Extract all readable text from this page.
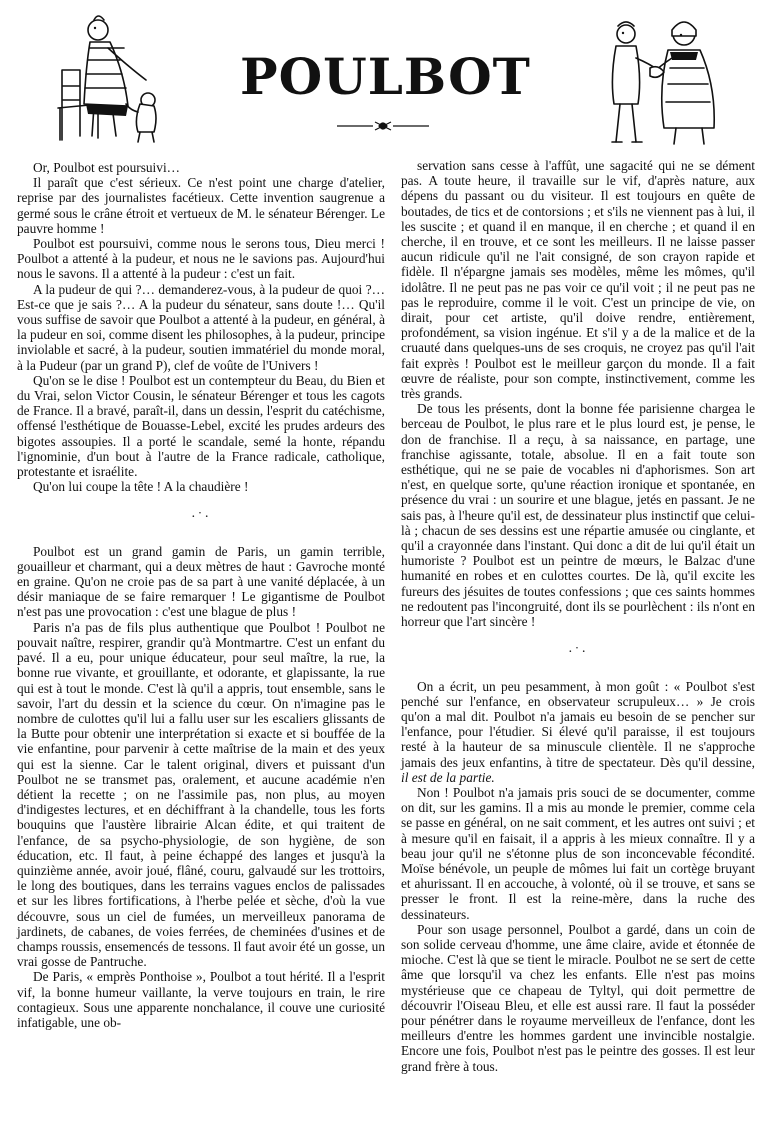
POULBOT

Or, Poulbot est poursuivi…

Il paraît que c'est sérieux. Ce n'est point une charge d'atelier, reprise par des journalistes facétieux. Cette invention saugrenue a germé sous le crâne étroit et vertueux de M. le sénateur Bérenger. Le pauvre homme !

Poulbot est poursuivi, comme nous le serons tous, Dieu merci ! Poulbot a attenté à la pudeur, et nous ne le savions pas. Aujourd'hui nous le savons. Il a attenté à la pudeur : c'est un fait.

A la pudeur de qui ?… demanderez-vous, à la pudeur de quoi ?… Est-ce que je sais ?… A la pudeur du sénateur, sans doute !… Qu'il vous suffise de savoir que Poulbot a attenté à la pudeur, en général, à la pudeur en soi, comme disent les philosophes, à la pudeur, principe inviolable et sacré, à la pudeur, soutien immatériel du monde moral, à la Pudeur (par un grand P), clef de voûte de l'Univers !

Qu'on se le dise ! Poulbot est un contempteur du Beau, du Bien et du Vrai, selon Victor Cousin, le sénateur Bérenger et tous les cagots de France. Il a bravé, paraît-il, dans un dessin, l'esprit du catéchisme, offensé l'esthétique de Bouasse-Lebel, excité les prudes ardeurs des bigotes assoupies. Il a porté le scandale, semé la honte, répandu l'ignominie, d'un bout à l'autre de la France radicale, catholique, protestante et israélite.

Qu'on lui coupe la tête ! A la chaudière !

·˙·

Poulbot est un grand gamin de Paris, un gamin terrible, gouailleur et charmant, qui a deux mètres de haut : Gavroche monté en graine. Qu'on ne croie pas de sa part à une vanité déplacée, à un désir maniaque de se faire remarquer ! Le gigantisme de Poulbot n'est pas une provocation : c'est une blague de plus !

Paris n'a pas de fils plus authentique que Poulbot ! Poulbot ne pouvait naître, respirer, grandir qu'à Montmartre. C'est un enfant du pavé. Il a eu, pour unique éducateur, pour seul maître, la rue, la bonne rue vivante, et grouillante, et odorante, et glapissante, la rue qui est à tout le monde. C'est là qu'il a appris, tout ensemble, sans le savoir, l'art du dessin et la science du cœur. On n'imagine pas le nombre de culottes qu'il lui a fallu user sur les escaliers glissants de la Butte pour obtenir une interprétation si exacte et si bouffée de la vie enfantine, pour parvenir à cette maîtrise de la main et des yeux qui est la sienne. Car le talent original, divers et puissant d'un Poulbot ne se transmet pas, oralement, et aucune académie n'en détient la recette ; on ne l'assimile pas, non plus, au moyen d'indigestes lectures, et en déchiffrant à la chandelle, tous les forts bouquins que l'austère librairie Alcan édite, et qui traitent de l'enfance, de sa psycho-physiologie, de son hygiène, de son éducation, etc. Il faut, à peine échappé des langes et jusqu'à la quinzième année, avoir joué, flâné, couru, galvaudé sur les trottoirs, le long des boutiques, dans les terrains vagues enclos de palissades et sur les libres fortifications, à l'herbe pelée et sèche, d'où la vue découvre, sous un ciel de fumées, un merveilleux panorama de jardinets, de cabanes, de voies ferrées, de cheminées d'usines et de champs roussis, ensemencés de tessons. Il faut avoir été un gosse, un vrai gosse de Pantruche.

De Paris, « emprès Ponthoise », Poulbot a tout hérité. Il a l'esprit vif, la bonne humeur vaillante, la verve toujours en train, le rire contagieux. Sous une apparente nonchalance, il couve une curiosité infatigable, une ob-

servation sans cesse à l'affût, une sagacité qui ne se dément pas. A toute heure, il travaille sur le vif, d'après nature, aux dépens du passant ou du visiteur. Il est toujours en quête de boutades, de tics et de contorsions ; et s'ils ne viennent pas à lui, il les suscite ; et quand il en manque, il en cherche ; et quand il en cherche, il en trouve, et ce sont les meilleurs. Il ne laisse passer aucun ridicule qu'il ne l'ait consigné, de son crayon rapide et fidèle. Il n'épargne jamais ses modèles, même les mômes, qu'il idolâtre. Il ne peut pas ne pas voir ce qu'il voit ; il ne peut pas ne pas le reproduire, comme il le voit. C'est un principe de vie, on dirait, pour cet artiste, qu'il doive rendre, entièrement, profondément, sa vision ingénue. Et s'il y a de la malice et de la cruauté dans quelques-uns de ses croquis, ne croyez pas qu'il l'ait fait exprès ! Poulbot est le meilleur garçon du monde. Il a fait œuvre de réaliste, pour son compte, instinctivement, comme les très grands.

De tous les présents, dont la bonne fée parisienne chargea le berceau de Poulbot, le plus rare et le plus lourd est, je pense, le don de franchise. Il a reçu, à sa naissance, en partage, une franchise agissante, totale, absolue. Il en a fait toute son esthétique, qui ne se paie de vocables ni d'aphorismes. Son art n'est, en quelque sorte, qu'une réaction ironique et spontanée, en présence du vrai : un sourire et une blague, jetés en passant. Je ne sais pas, à l'heure qu'il est, de dessinateur plus instinctif que celui-là ; chacun de ses dessins est une répartie amusée ou cinglante, et qu'il a crayonnée dans l'instant. Qui donc a dit de lui qu'il était un humoriste ? Poulbot est un peintre de mœurs, le Balzac d'une humanité en robes et en culottes courtes. De là, qu'il excite les fureurs des jésuites de toutes confessions ; que ces saints hommes ne redoutent pas l'incongruité, dont ils se pourlèchent : ils n'ont en horreur que l'art sincère !

·˙·

On a écrit, un peu pesamment, à mon goût : « Poulbot s'est penché sur l'enfance, en observateur scrupuleux… » Je crois qu'on a mal dit. Poulbot n'a jamais eu besoin de se pencher sur l'enfance, pour l'étudier. Si élevé qu'il paraisse, il est toujours resté à la hauteur de sa minuscule clientèle. Il ne s'approche jamais des jeux enfantins, à titre de spectateur. Dès qu'il dessine, il est de la partie.

Non ! Poulbot n'a jamais pris souci de se documenter, comme on dit, sur les gamins. Il a mis au monde le premier, comme cela se passe en général, on ne sait comment, et les autres ont suivi ; et à mesure qu'il en faisait, il a appris à les mieux connaître. Il y a beau jour qu'il ne s'étonne plus de son inconcevable fécondité. Moïse bénévole, un peuple de mômes lui fait un cortège bruyant et ahurissant. Il en accouche, à volonté, où il se trouve, et sans se presser le front. Il est la reine-mère, dans la ruche des dessinateurs.

Pour son usage personnel, Poulbot a gardé, dans un coin de son solide cerveau d'homme, une âme claire, avide et étonnée de mioche. C'est là que se tient le miracle. Poulbot ne se sert de cette âme que lorsqu'il va chez les enfants. Elle n'est pas moins mystérieuse que ce chapeau de Tyltyl, qui doit permettre de découvrir l'Oiseau Bleu, et elle est aussi rare. Il faut la posséder pour pénétrer dans le royaume merveilleux de l'enfance, dont les meilleurs d'entre les hommes gardent une invincible nostalgie. Encore une fois, Poulbot n'est pas le peintre des gosses. Il est leur grand frère à tous.
